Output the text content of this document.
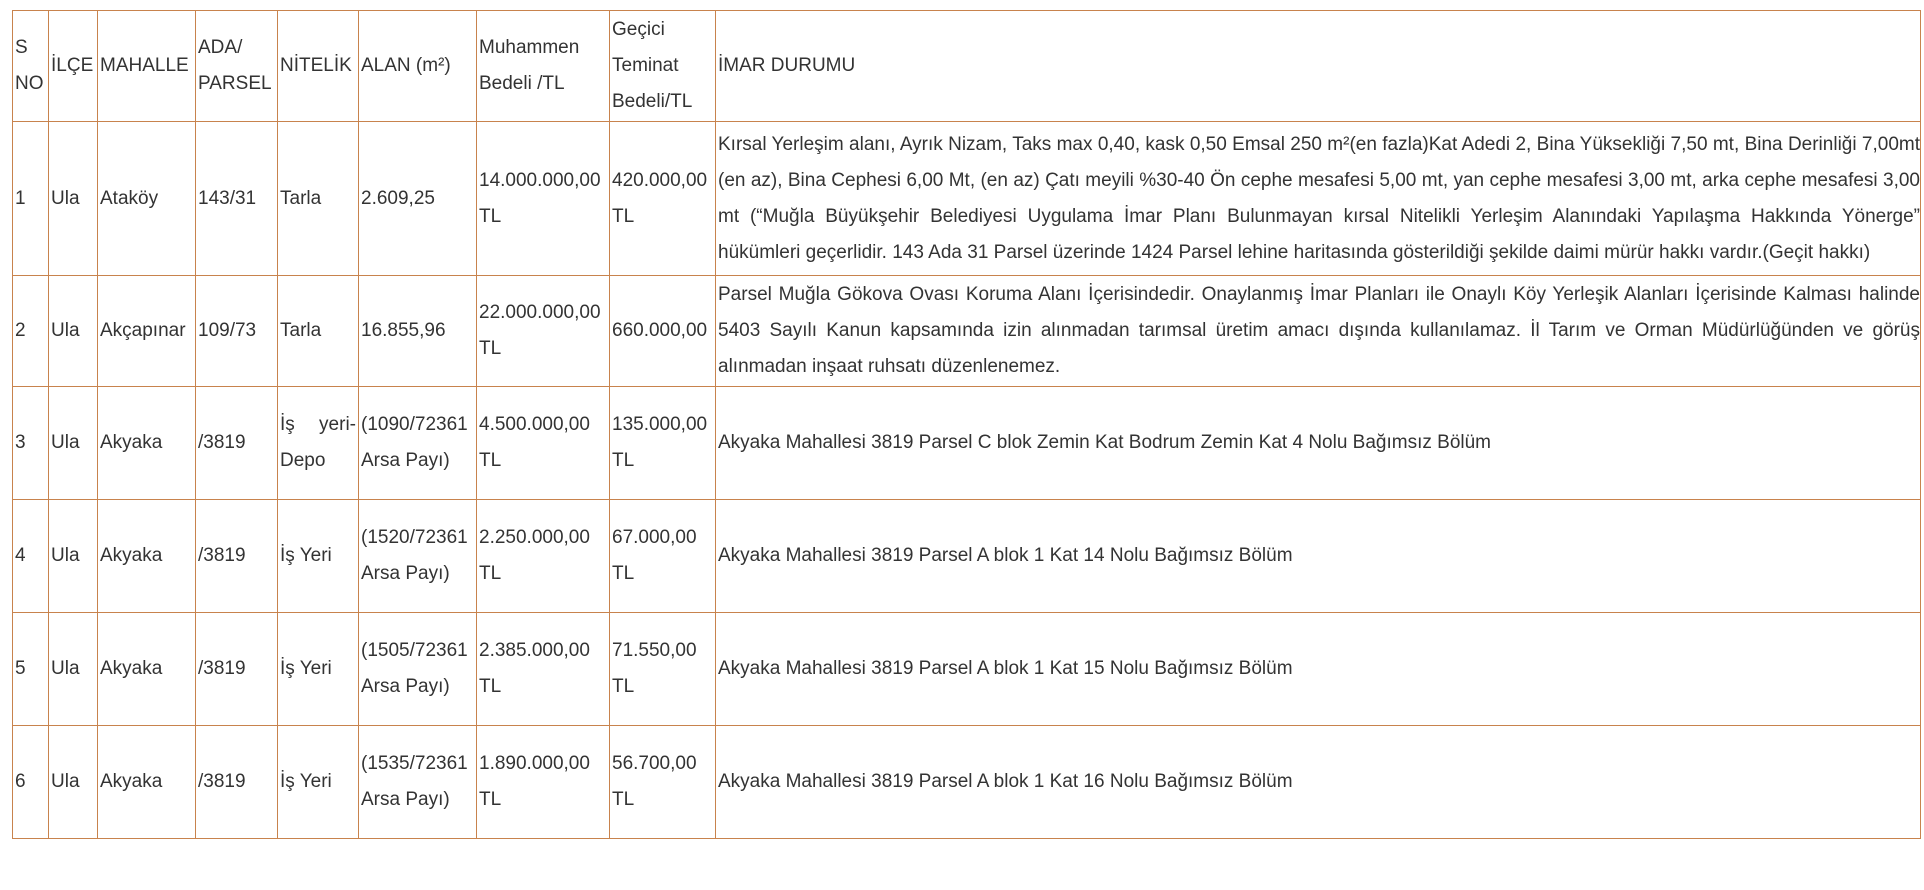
S NO	İLÇE	MAHALLE	ADA/ PARSEL	NİTELİK	ALAN (m²)	Muhammen Bedeli /TL	Geçici Teminat Bedeli/TL	İMAR DURUMU
1	Ula	Ataköy	143/31	Tarla	2.609,25	14.000.000,00 TL	420.000,00 TL	Kırsal Yerleşim alanı, Ayrık Nizam, Taks max 0,40, kask 0,50 Emsal 250 m²(en fazla)Kat Adedi 2, Bina Yüksekliği 7,50 mt, Bina Derinliği 7,00mt (en az), Bina Cephesi 6,00 Mt, (en az) Çatı meyili %30-40 Ön cephe mesafesi 5,00 mt, yan cephe mesafesi 3,00 mt, arka cephe mesafesi 3,00 mt (“Muğla Büyükşehir Belediyesi Uygulama İmar Planı Bulunmayan kırsal Nitelikli Yerleşim Alanındaki Yapılaşma Hakkında Yönerge” hükümleri geçerlidir. 143 Ada 31 Parsel üzerinde 1424 Parsel lehine haritasında gösterildiği şekilde daimi mürür hakkı vardır.(Geçit hakkı)
2	Ula	Akçapınar	109/73	Tarla	16.855,96	22.000.000,00 TL	660.000,00	Parsel Muğla Gökova Ovası Koruma Alanı İçerisindedir. Onaylanmış İmar Planları ile Onaylı Köy Yerleşik Alanları İçerisinde Kalması halinde 5403 Sayılı Kanun kapsamında izin alınmadan tarımsal üretim amacı dışında kullanılamaz. İl Tarım ve Orman Müdürlüğünden ve görüş alınmadan inşaat ruhsatı düzenlenemez.
3	Ula	Akyaka	/3819	İş yeri-Depo	(1090/72361 Arsa Payı)	4.500.000,00 TL	135.000,00 TL	Akyaka Mahallesi 3819 Parsel C blok Zemin Kat Bodrum Zemin Kat 4 Nolu Bağımsız Bölüm
4	Ula	Akyaka	/3819	İş Yeri	(1520/72361 Arsa Payı)	2.250.000,00 TL	67.000,00 TL	Akyaka Mahallesi 3819 Parsel A blok 1 Kat 14 Nolu Bağımsız Bölüm
5	Ula	Akyaka	/3819	İş Yeri	(1505/72361 Arsa Payı)	2.385.000,00 TL	71.550,00 TL	Akyaka Mahallesi 3819 Parsel A blok 1 Kat 15 Nolu Bağımsız Bölüm
6	Ula	Akyaka	/3819	İş Yeri	(1535/72361 Arsa Payı)	1.890.000,00 TL	56.700,00 TL	Akyaka Mahallesi 3819 Parsel A blok 1 Kat 16 Nolu Bağımsız Bölüm
